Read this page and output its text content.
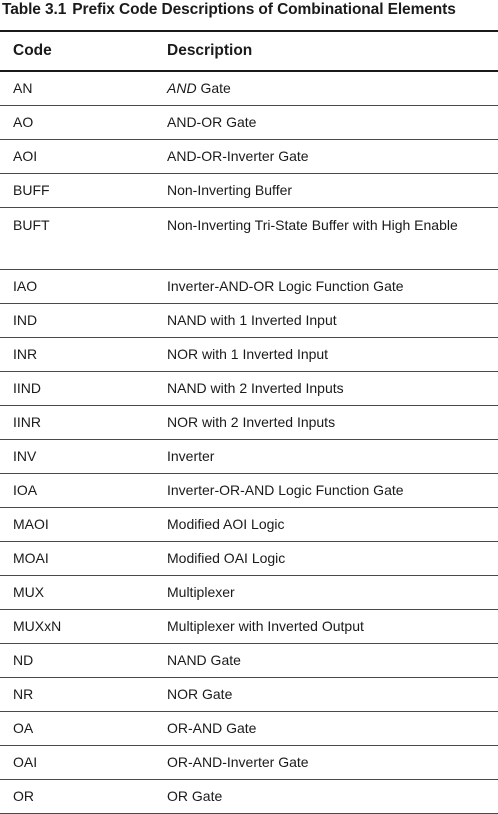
Table 3.1 Prefix Code Descriptions of Combinational Elements
Code	Description
AN	AND Gate
AO	AND-OR Gate
AOI	AND-OR-Inverter Gate
BUFF	Non-Inverting Buffer
BUFT	Non-Inverting Tri-State Buffer with High Enable
IAO	Inverter-AND-OR Logic Function Gate
IND	NAND with 1 Inverted Input
INR	NOR with 1 Inverted Input
IIND	NAND with 2 Inverted Inputs
IINR	NOR with 2 Inverted Inputs
INV	Inverter
IOA	Inverter-OR-AND Logic Function Gate
MAOI	Modified AOI Logic
MOAI	Modified OAI Logic
MUX	Multiplexer
MUXxN	Multiplexer with Inverted Output
ND	NAND Gate
NR	NOR Gate
OA	OR-AND Gate
OAI	OR-AND-Inverter Gate
OR	OR Gate
